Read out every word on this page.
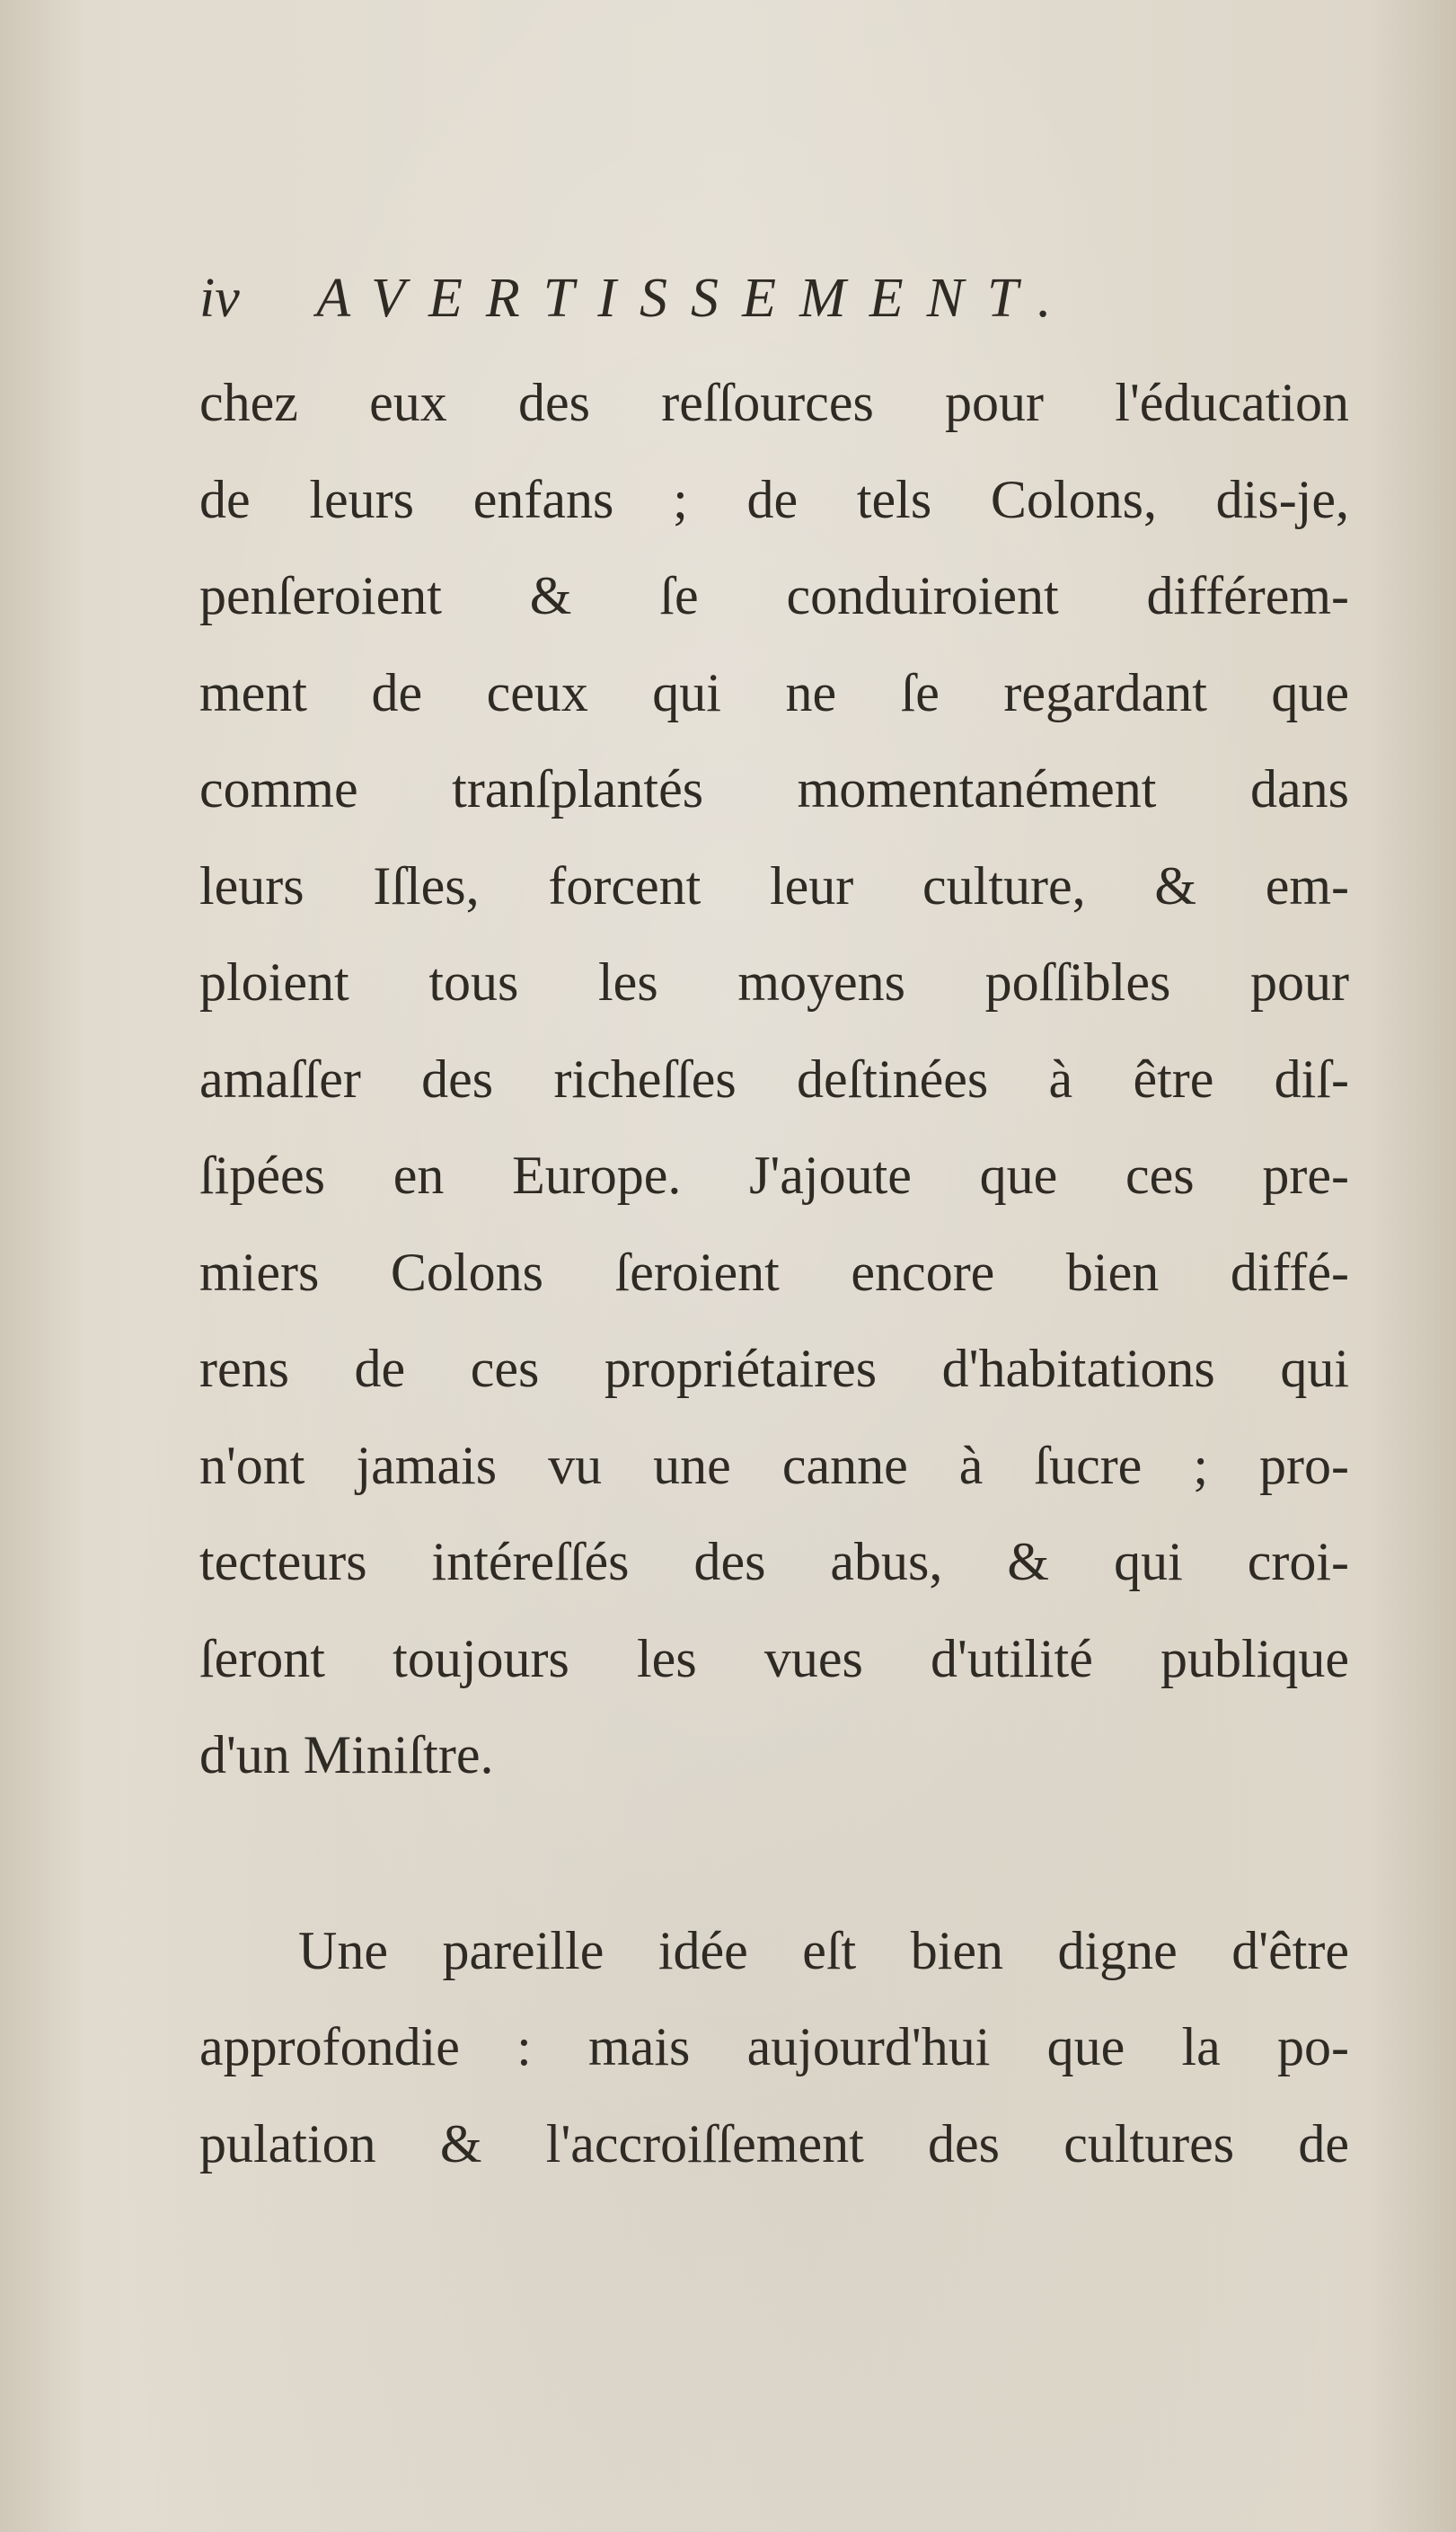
iv AVERTISSEMENT.
chez eux des reſſources pour l'éducation
de leurs enfans ; de tels Colons, dis-je,
penſeroient & ſe conduiroient différem-
ment de ceux qui ne ſe regardant que
comme tranſplantés momentanément dans
leurs Iſles, forcent leur culture, & em-
ploient tous les moyens poſſibles pour
amaſſer des richeſſes deſtinées à être diſ-
ſipées en Europe. J'ajoute que ces pre-
miers Colons ſeroient encore bien diffé-
rens de ces propriétaires d'habitations qui
n'ont jamais vu une canne à ſucre ; pro-
tecteurs intéreſſés des abus, & qui croi-
ſeront toujours les vues d'utilité publique
d'un Miniſtre.
Une pareille idée eſt bien digne d'être
approfondie : mais aujourd'hui que la po-
pulation & l'accroiſſement des cultures de
